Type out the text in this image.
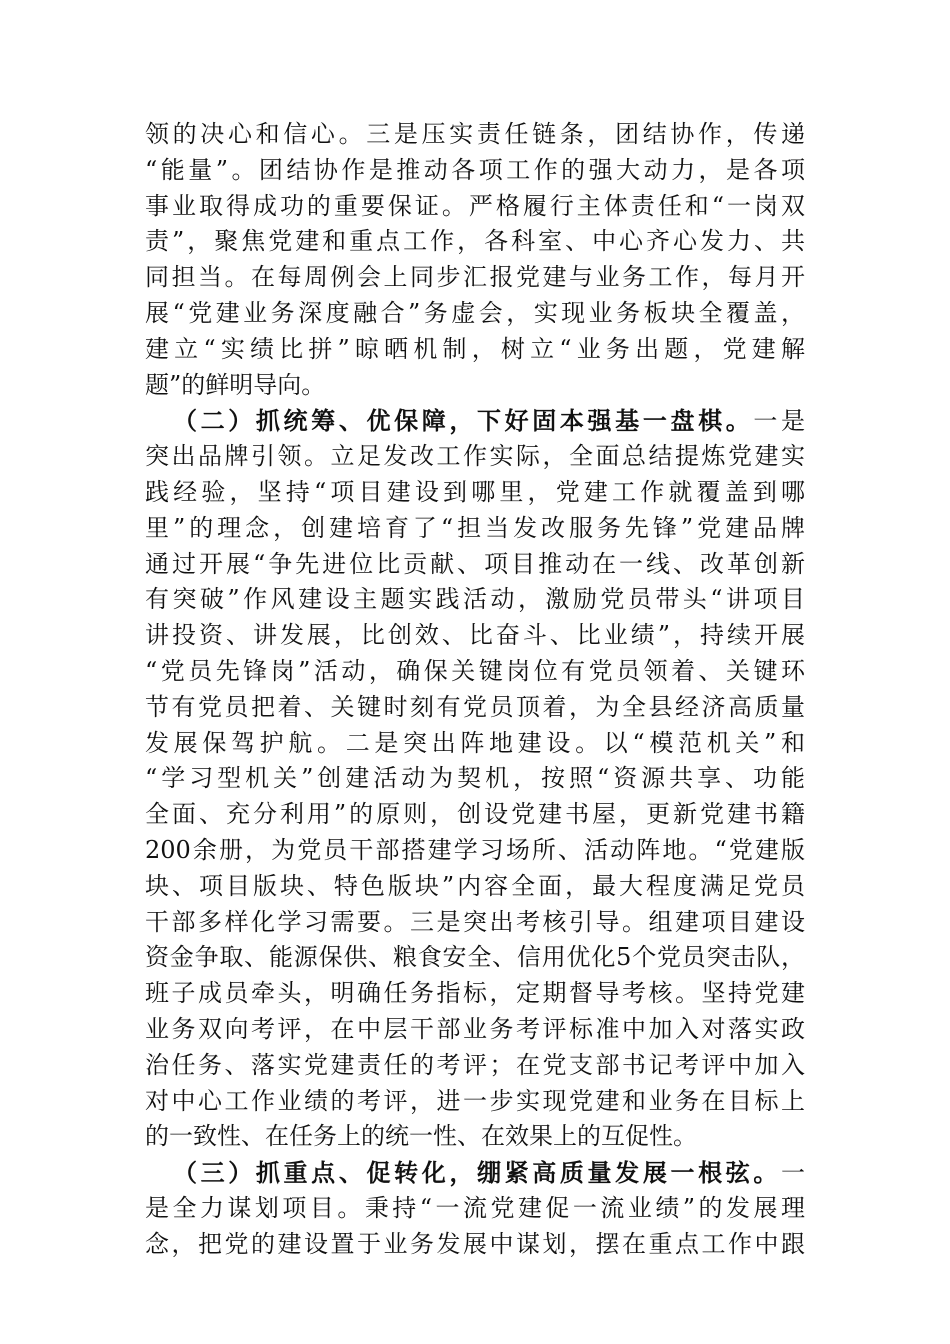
领的决心和信心。三是压实责任链条，团结协作，传递
“能量”。团结协作是推动各项工作的强大动力，是各项
事业取得成功的重要保证。严格履行主体责任和“一岗双
责”，聚焦党建和重点工作，各科室、中心齐心发力、共
同担当。在每周例会上同步汇报党建与业务工作，每月开
展“党建业务深度融合”务虚会，实现业务板块全覆盖，
建立“实绩比拼”晾晒机制，树立“业务出题，党建解
题”的鲜明导向。
（二）抓统筹、优保障，下好固本强基一盘棋。一是
突出品牌引领。立足发改工作实际，全面总结提炼党建实
践经验，坚持“项目建设到哪里，党建工作就覆盖到哪
里”的理念，创建培育了“担当发改服务先锋”党建品牌
通过开展“争先进位比贡献、项目推动在一线、改革创新
有突破”作风建设主题实践活动，激励党员带头“讲项目
讲投资、讲发展，比创效、比奋斗、比业绩”，持续开展
“党员先锋岗”活动，确保关键岗位有党员领着、关键环
节有党员把着、关键时刻有党员顶着，为全县经济高质量
发展保驾护航。二是突出阵地建设。以“模范机关”和
“学习型机关”创建活动为契机，按照“资源共享、功能
全面、充分利用”的原则，创设党建书屋，更新党建书籍
200余册，为党员干部搭建学习场所、活动阵地。“党建版
块、项目版块、特色版块”内容全面，最大程度满足党员
干部多样化学习需要。三是突出考核引导。组建项目建设
资金争取、能源保供、粮食安全、信用优化5个党员突击队，
班子成员牵头，明确任务指标，定期督导考核。坚持党建
业务双向考评，在中层干部业务考评标准中加入对落实政
治任务、落实党建责任的考评；在党支部书记考评中加入
对中心工作业绩的考评，进一步实现党建和业务在目标上
的一致性、在任务上的统一性、在效果上的互促性。
（三）抓重点、促转化，绷紧高质量发展一根弦。一
是全力谋划项目。秉持“一流党建促一流业绩”的发展理
念，把党的建设置于业务发展中谋划，摆在重点工作中跟
